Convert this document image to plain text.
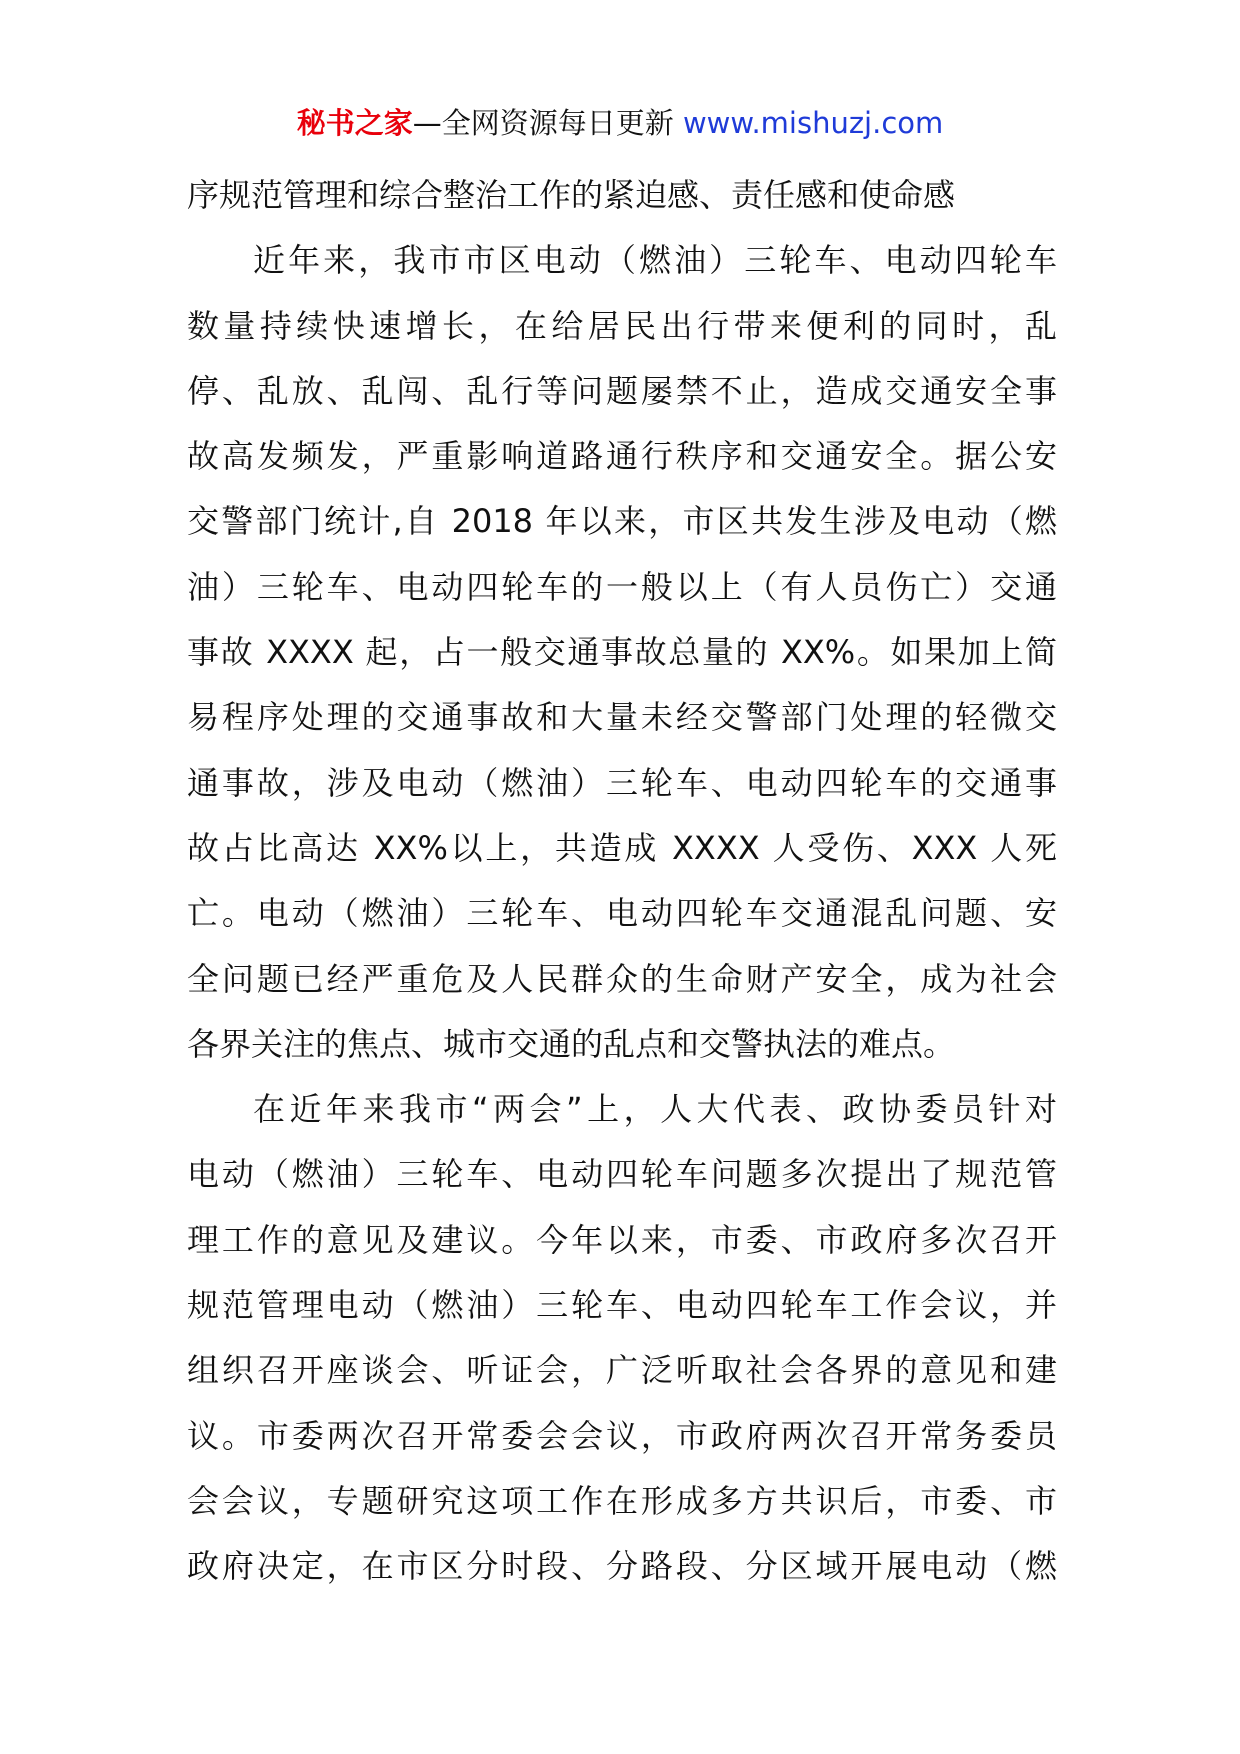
秘书之家—全网资源每日更新 www.mishuzj.com
序规范管理和综合整治工作的紧迫感、责任感和使命感
近年来，我市市区电动（燃油）三轮车、电动四轮车
数量持续快速增长，在给居民出行带来便利的同时，乱
停、乱放、乱闯、乱行等问题屡禁不止，造成交通安全事
故高发频发，严重影响道路通行秩序和交通安全。据公安
交警部门统计,自 2018 年以来，市区共发生涉及电动（燃
油）三轮车、电动四轮车的一般以上（有人员伤亡）交通
事故 XXXX 起，占一般交通事故总量的 XX%。如果加上简
易程序处理的交通事故和大量未经交警部门处理的轻微交
通事故，涉及电动（燃油）三轮车、电动四轮车的交通事
故占比高达 XX%以上，共造成 XXXX 人受伤、XXX 人死
亡。电动（燃油）三轮车、电动四轮车交通混乱问题、安
全问题已经严重危及人民群众的生命财产安全，成为社会
各界关注的焦点、城市交通的乱点和交警执法的难点。
在近年来我市“两会”上，人大代表、政协委员针对
电动（燃油）三轮车、电动四轮车问题多次提出了规范管
理工作的意见及建议。今年以来，市委、市政府多次召开
规范管理电动（燃油）三轮车、电动四轮车工作会议，并
组织召开座谈会、听证会，广泛听取社会各界的意见和建
议。市委两次召开常委会会议，市政府两次召开常务委员
会会议，专题研究这项工作在形成多方共识后，市委、市
政府决定，在市区分时段、分路段、分区域开展电动（燃
